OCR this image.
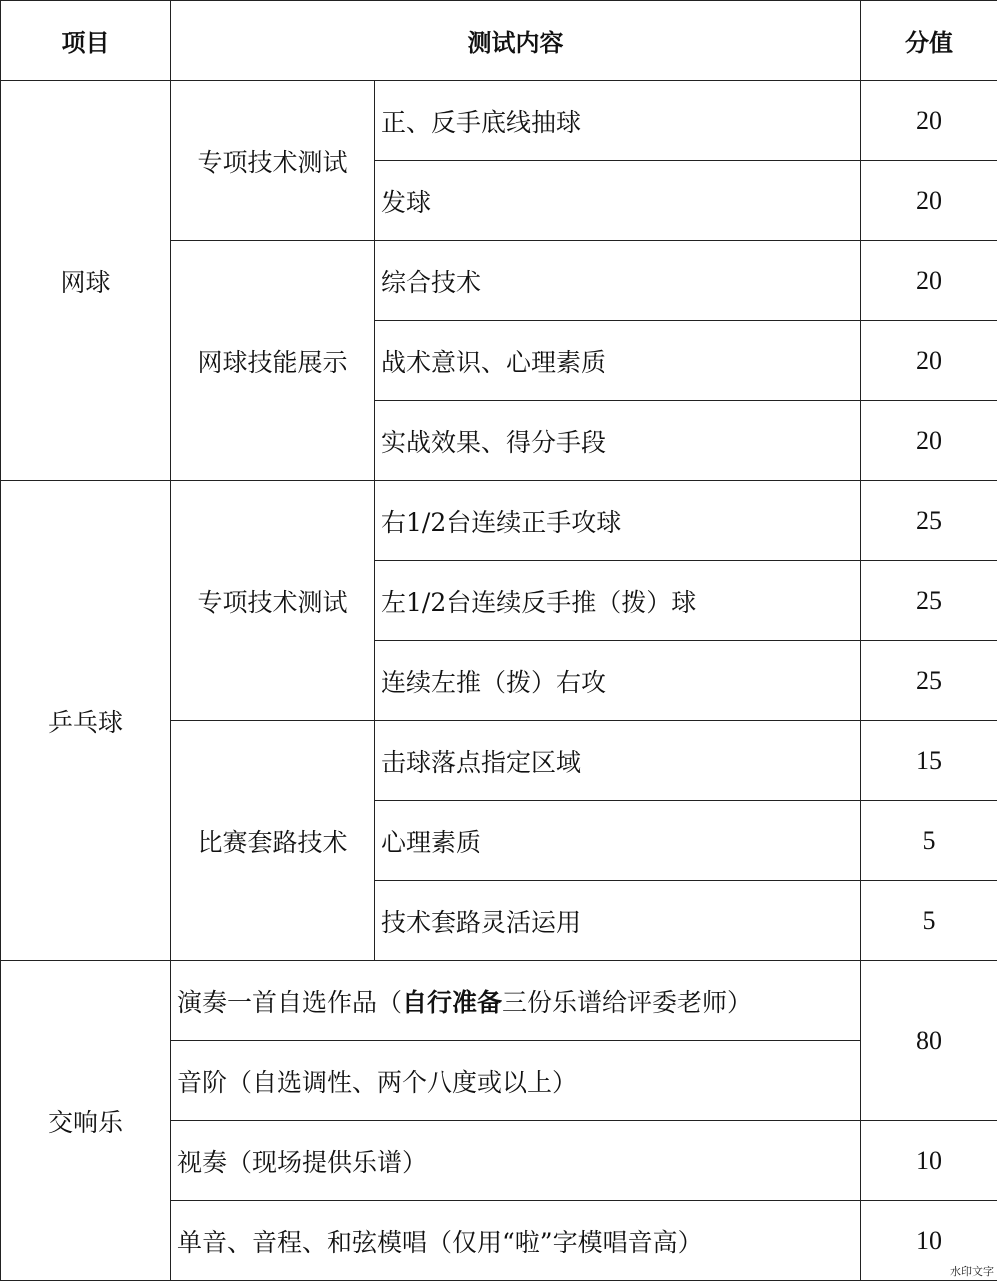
项目	测试内容		分值
网球	专项技术测试	正、反手底线抽球	20
		发球	20
	网球技能展示	综合技术	20
		战术意识、心理素质	20
		实战效果、得分手段	20
乒乓球	专项技术测试	右1/2台连续正手攻球	25
		左1/2台连续反手推（拨）球	25
		连续左推（拨）右攻	25
	比赛套路技术	击球落点指定区域	15
		心理素质	5
		技术套路灵活运用	5
交响乐	演奏一首自选作品（自行准备三份乐谱给评委老师）		80
	音阶（自选调性、两个八度或以上）		
	视奏（现场提供乐谱）		10
	单音、音程、和弦模唱（仅用“啦”字模唱音高）		10
水印文字
